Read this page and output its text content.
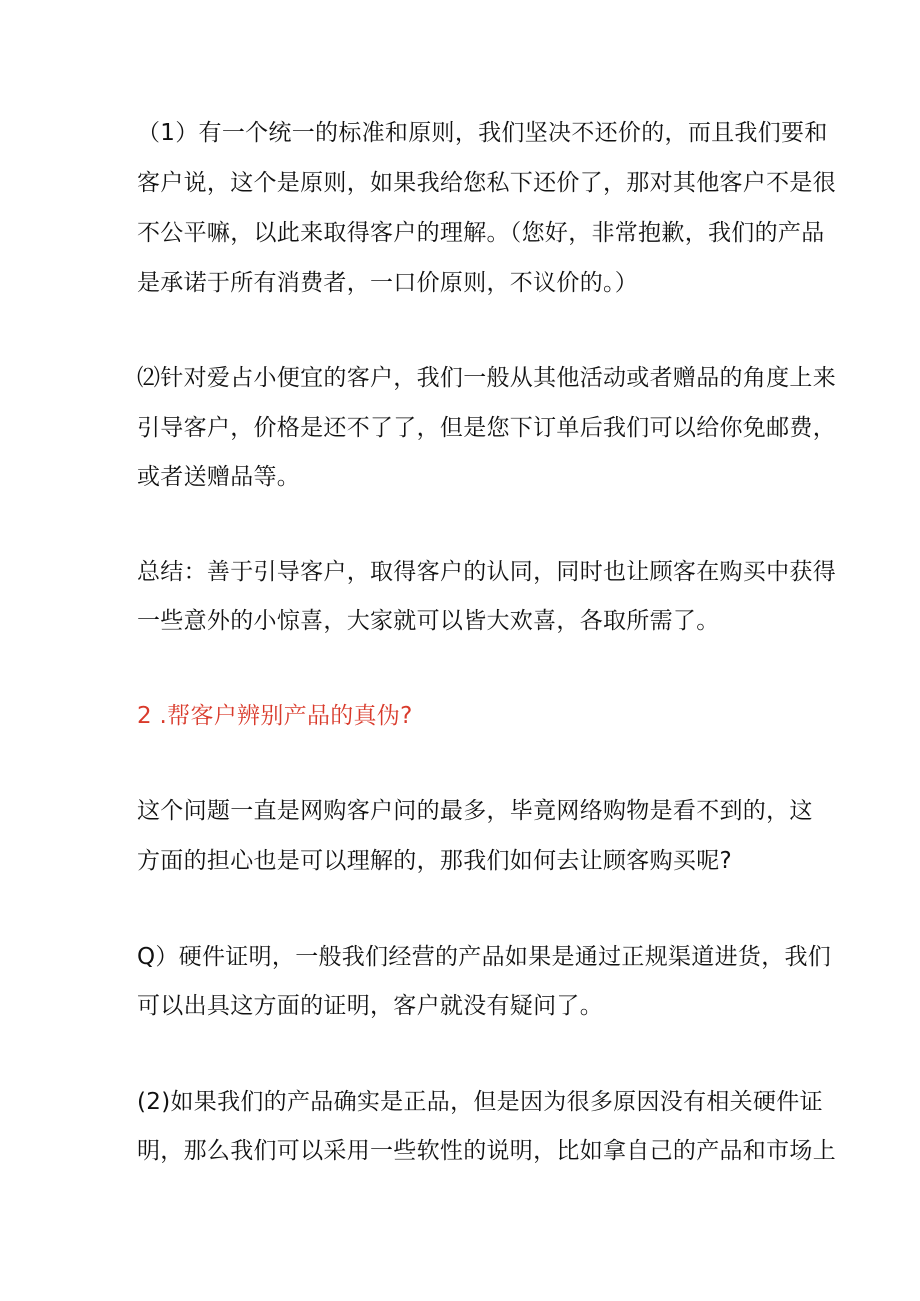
（1）有一个统一的标准和原则，我们坚决不还价的，而且我们要和
客户说，这个是原则，如果我给您私下还价了，那对其他客户不是很
不公平嘛，以此来取得客户的理解。（您好，非常抱歉，我们的产品
是承诺于所有消费者，一口价原则，不议价的。）
⑵针对爱占小便宜的客户，我们一般从其他活动或者赠品的角度上来
引导客户，价格是还不了了，但是您下订单后我们可以给你免邮费，
或者送赠品等。
总结：善于引导客户，取得客户的认同，同时也让顾客在购买中获得
一些意外的小惊喜，大家就可以皆大欢喜，各取所需了。
2 .帮客户辨别产品的真伪?
这个问题一直是网购客户问的最多，毕竟网络购物是看不到的，这
方面的担心也是可以理解的，那我们如何去让顾客购买呢?
Q）硬件证明，一般我们经营的产品如果是通过正规渠道进货，我们
可以出具这方面的证明，客户就没有疑问了。
(2)如果我们的产品确实是正品，但是因为很多原因没有相关硬件证
明，那么我们可以采用一些软性的说明，比如拿自己的产品和市场上
